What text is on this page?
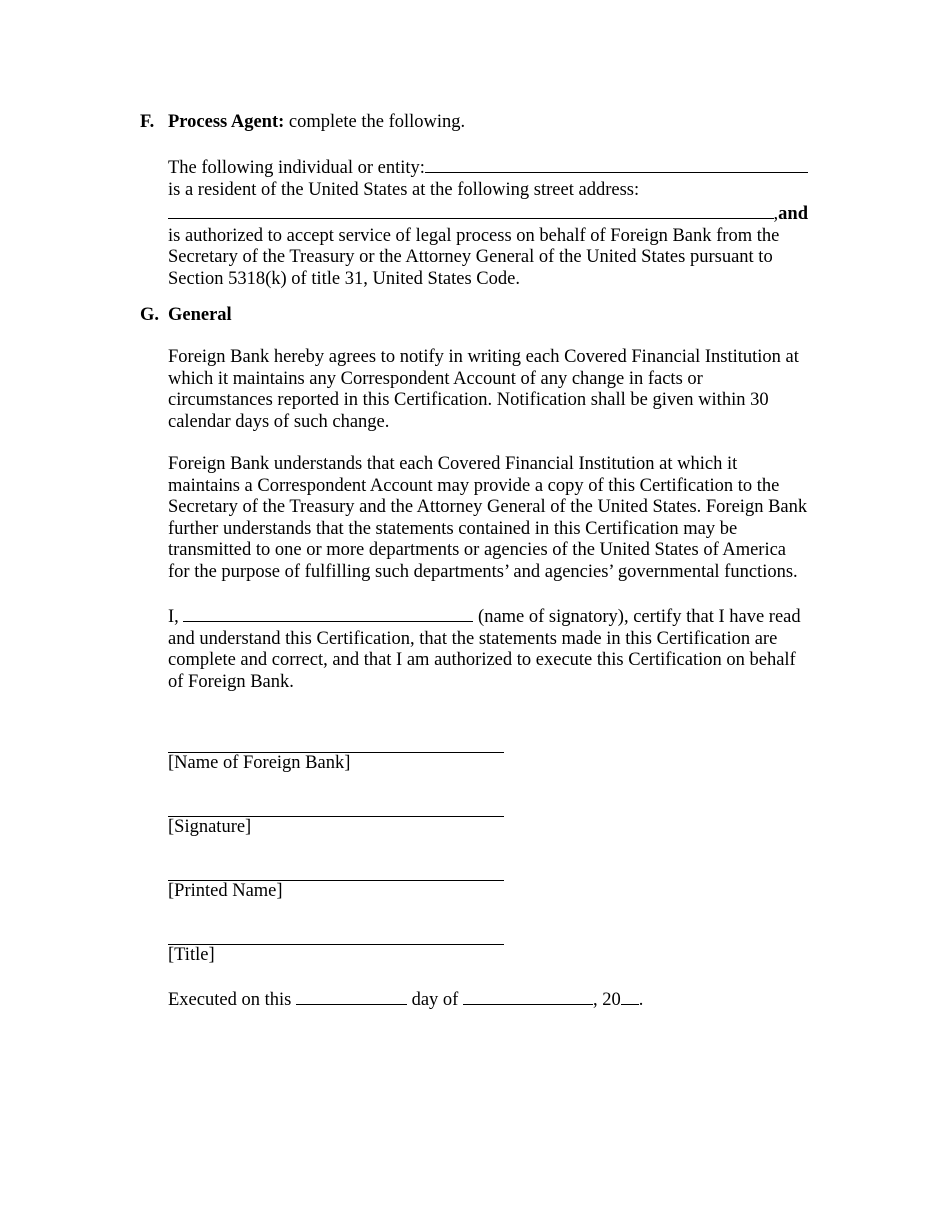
F. Process Agent: complete the following.
The following individual or entity:
is a resident of the United States at the following street address:
, and

is authorized to accept service of legal process on behalf of Foreign Bank from the Secretary of the Treasury or the Attorney General of the United States pursuant to Section 5318(k) of title 31, United States Code.

G. General

Foreign Bank hereby agrees to notify in writing each Covered Financial Institution at which it maintains any Correspondent Account of any change in facts or circumstances reported in this Certification. Notification shall be given within 30 calendar days of such change.

Foreign Bank understands that each Covered Financial Institution at which it maintains a Correspondent Account may provide a copy of this Certification to the Secretary of the Treasury and the Attorney General of the United States. Foreign Bank further understands that the statements contained in this Certification may be transmitted to one or more departments or agencies of the United States of America for the purpose of fulfilling such departments’ and agencies’ governmental functions.

I,	(name of signatory), certify that I have read

and understand this Certification, that the statements made in this Certification are complete and correct, and that I am authorized to execute this Certification on behalf of Foreign Bank.

[Name of Foreign Bank]
[Signature]
[Printed Name]
[Title]
Executed on this	day of	, 20 .
